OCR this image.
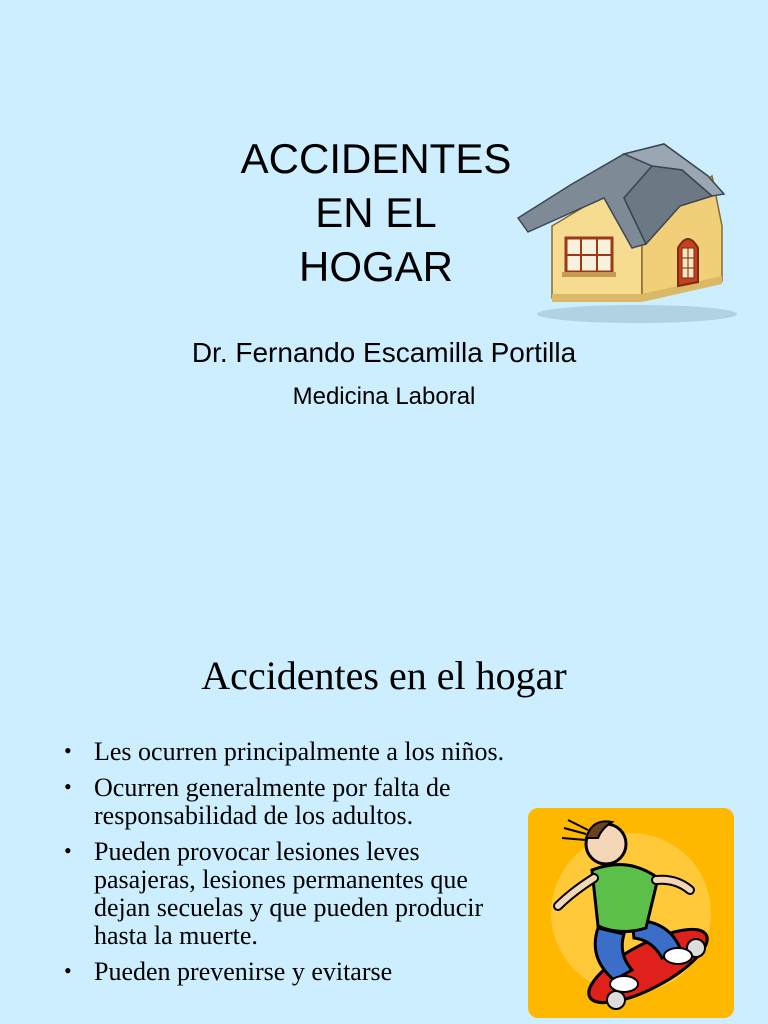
ACCIDENTES
EN EL
HOGAR
Dr. Fernando Escamilla Portilla
Medicina Laboral
Accidentes en el hogar
• Les ocurren principalmente a los niños.
• Ocurren generalmente por falta de responsabilidad de los adultos.
• Pueden provocar lesiones leves pasajeras, lesiones permanentes que dejan secuelas y que pueden producir hasta la muerte.
• Pueden prevenirse y evitarse
